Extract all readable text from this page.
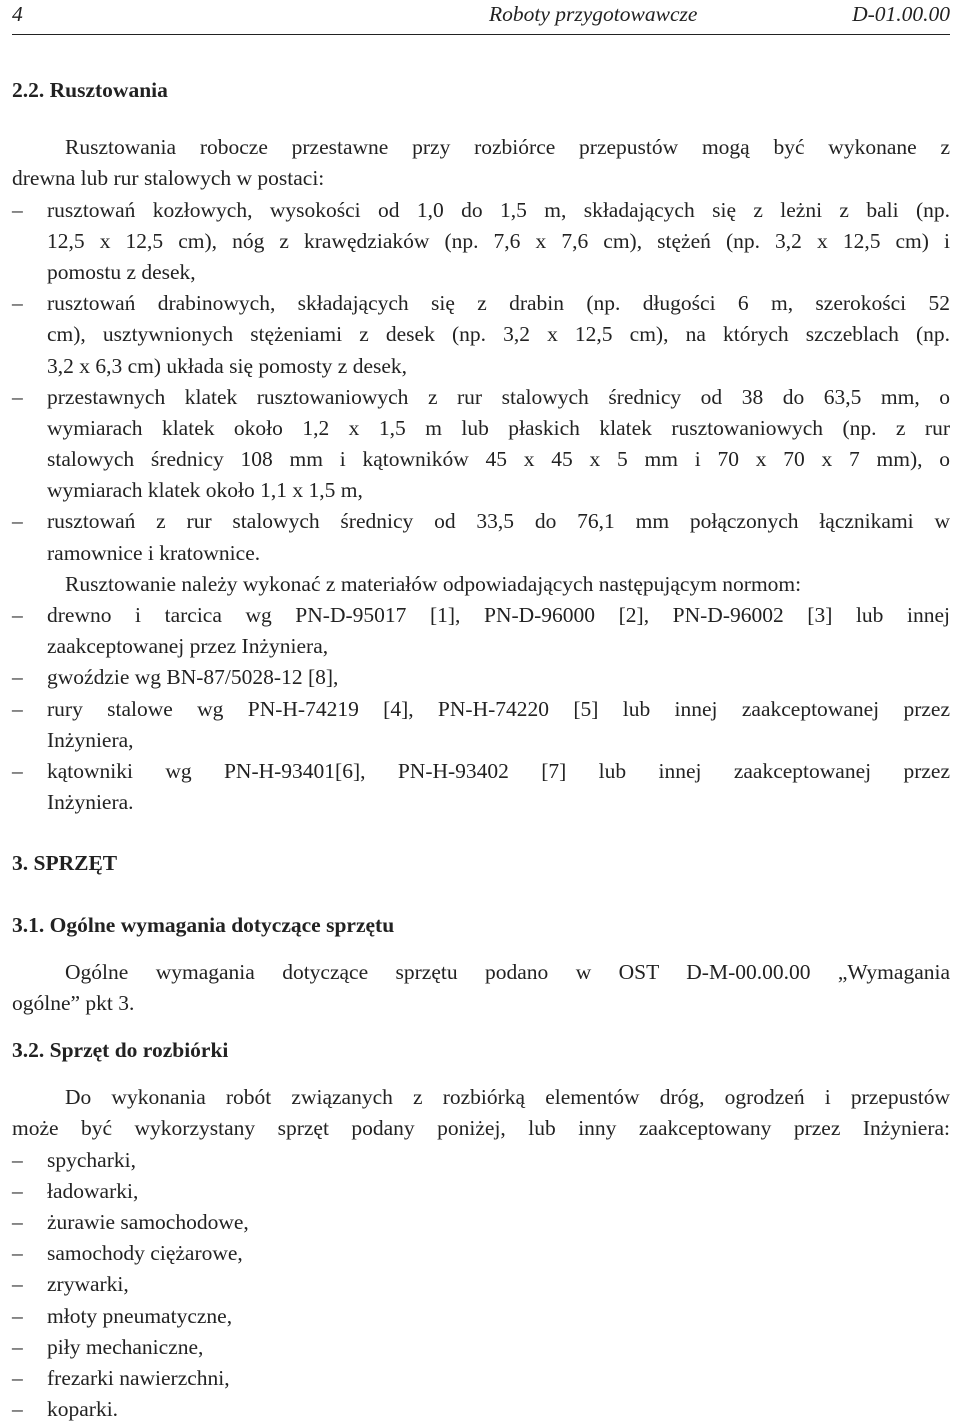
4	Roboty przygotowawcze	D-01.00.00
2.2. Rusztowania
Rusztowania robocze przestawne przy rozbiórce przepustów mogą być wykonane z
drewna lub rur stalowych w postaci:
– rusztowań kozłowych, wysokości od 1,0 do 1,5 m, składających się z leżni z bali (np.
12,5 x 12,5 cm), nóg z krawędziaków (np. 7,6 x 7,6 cm), stężeń (np. 3,2 x 12,5 cm) i
pomostu z desek,
– rusztowań drabinowych, składających się z drabin (np. długości 6 m, szerokości 52
cm), usztywnionych stężeniami z desek (np. 3,2 x 12,5 cm), na których szczeblach (np.
3,2 x 6,3 cm) układa się pomosty z desek,
– przestawnych klatek rusztowaniowych z rur stalowych średnicy od 38 do 63,5 mm, o
wymiarach klatek około 1,2 x 1,5 m lub płaskich klatek rusztowaniowych (np. z rur
stalowych średnicy 108 mm i kątowników 45 x 45 x 5 mm i 70 x 70 x 7 mm), o
wymiarach klatek około 1,1 x 1,5 m,
– rusztowań z rur stalowych średnicy od 33,5 do 76,1 mm połączonych łącznikami w
ramownice i kratownice.
Rusztowanie należy wykonać z materiałów odpowiadających następującym normom:
– drewno i tarcica wg PN-D-95017 [1], PN-D-96000 [2], PN-D-96002 [3] lub innej
zaakceptowanej przez Inżyniera,
– gwoździe wg BN-87/5028-12 [8],
– rury stalowe wg PN-H-74219 [4], PN-H-74220 [5] lub innej zaakceptowanej przez
Inżyniera,
– kątowniki wg PN-H-93401[6], PN-H-93402 [7] lub innej zaakceptowanej przez
Inżyniera.
3. SPRZĘT
3.1. Ogólne wymagania dotyczące sprzętu
Ogólne wymagania dotyczące sprzętu podano w OST D-M-00.00.00 „Wymagania
ogólne” pkt 3.
3.2. Sprzęt do rozbiórki
Do wykonania robót związanych z rozbiórką elementów dróg, ogrodzeń i przepustów
może być wykorzystany sprzęt podany poniżej, lub inny zaakceptowany przez Inżyniera:
– spycharki,
– ładowarki,
– żurawie samochodowe,
– samochody ciężarowe,
– zrywarki,
– młoty pneumatyczne,
– piły mechaniczne,
– frezarki nawierzchni,
– koparki.
